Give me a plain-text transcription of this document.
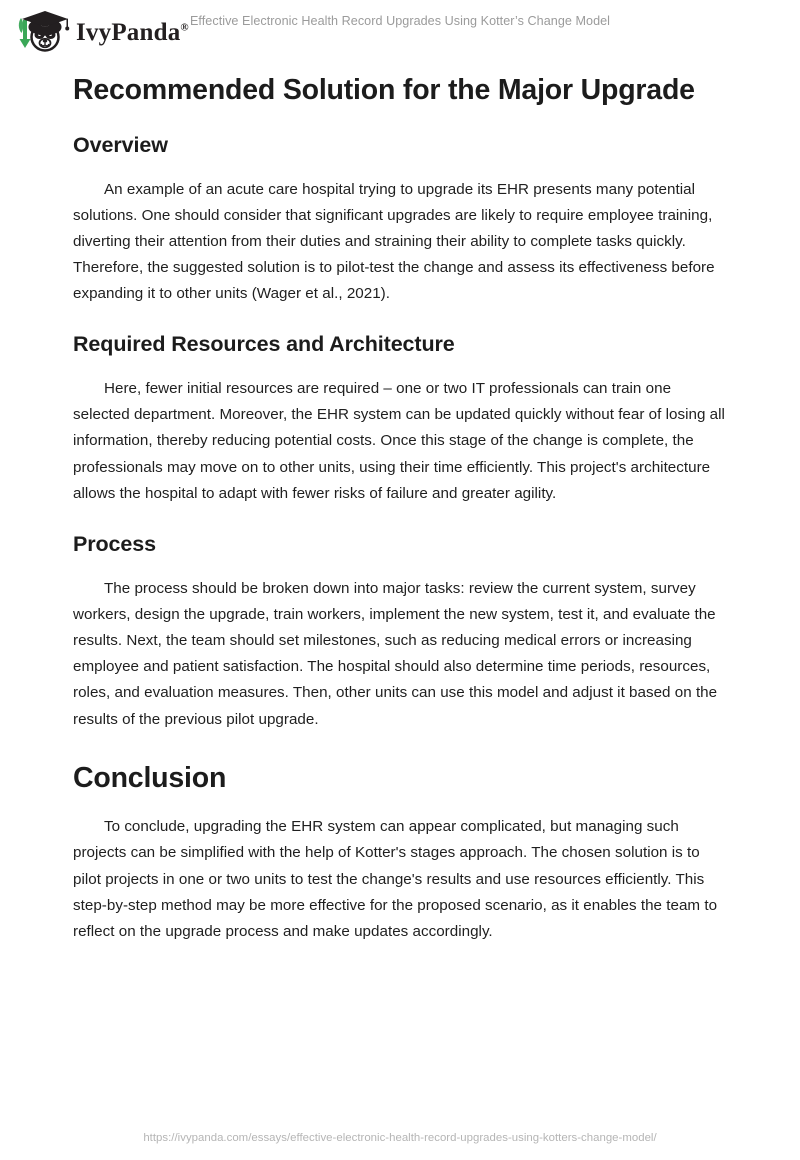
IvyPanda® Effective Electronic Health Record Upgrades Using Kotter’s Change Model
Recommended Solution for the Major Upgrade
Overview

An example of an acute care hospital trying to upgrade its EHR presents many potential solutions. One should consider that significant upgrades are likely to require employee training, diverting their attention from their duties and straining their ability to complete tasks quickly. Therefore, the suggested solution is to pilot-test the change and assess its effectiveness before expanding it to other units (Wager et al., 2021).

Required Resources and Architecture

Here, fewer initial resources are required – one or two IT professionals can train one selected department. Moreover, the EHR system can be updated quickly without fear of losing all information, thereby reducing potential costs. Once this stage of the change is complete, the professionals may move on to other units, using their time efficiently. This project's architecture allows the hospital to adapt with fewer risks of failure and greater agility.

Process

The process should be broken down into major tasks: review the current system, survey workers, design the upgrade, train workers, implement the new system, test it, and evaluate the results. Next, the team should set milestones, such as reducing medical errors or increasing employee and patient satisfaction. The hospital should also determine time periods, resources, roles, and evaluation measures. Then, other units can use this model and adjust it based on the results of the previous pilot upgrade.

Conclusion

To conclude, upgrading the EHR system can appear complicated, but managing such projects can be simplified with the help of Kotter's stages approach. The chosen solution is to pilot projects in one or two units to test the change's results and use resources efficiently. This step-by-step method may be more effective for the proposed scenario, as it enables the team to reflect on the upgrade process and make updates accordingly.

https://ivypanda.com/essays/effective-electronic-health-record-upgrades-using-kotters-change-model/
